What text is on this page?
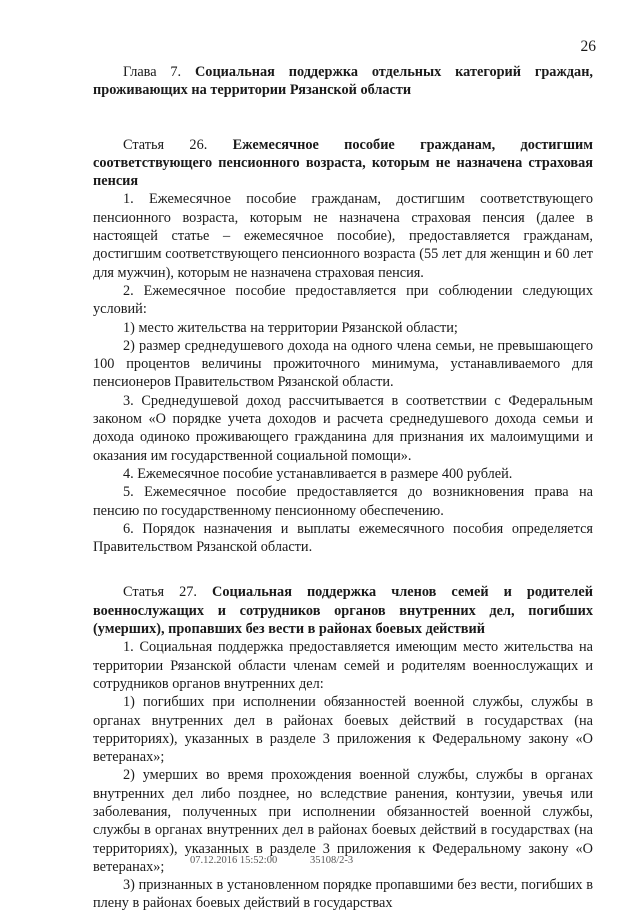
26

Глава 7. Социальная поддержка отдельных категорий граждан, проживающих на территории Рязанской области

Статья 26. Ежемесячное пособие гражданам, достигшим соответствующего пенсионного возраста, которым не назначена страховая пенсия

1. Ежемесячное пособие гражданам, достигшим соответствующего пенсионного возраста, которым не назначена страховая пенсия (далее в настоящей статье – ежемесячное пособие), предоставляется гражданам, достигшим соответствующего пенсионного возраста (55 лет для женщин и 60 лет для мужчин), которым не назначена страховая пенсия.

2. Ежемесячное пособие предоставляется при соблюдении следующих условий:

1) место жительства на территории Рязанской области;

2) размер среднедушевого дохода на одного члена семьи, не превышающего 100 процентов величины прожиточного минимума, устанавливаемого для пенсионеров Правительством Рязанской области.

3. Среднедушевой доход рассчитывается в соответствии с Федеральным законом «О порядке учета доходов и расчета среднедушевого дохода семьи и дохода одиноко проживающего гражданина для признания их малоимущими и оказания им государственной социальной помощи».

4. Ежемесячное пособие устанавливается в размере 400 рублей.

5. Ежемесячное пособие предоставляется до возникновения права на пенсию по государственному пенсионному обеспечению.

6. Порядок назначения и выплаты ежемесячного пособия определяется Правительством Рязанской области.

Статья 27. Социальная поддержка членов семей и родителей военнослужащих и сотрудников органов внутренних дел, погибших (умерших), пропавших без вести в районах боевых действий

1. Социальная поддержка предоставляется имеющим место жительства на территории Рязанской области членам семей и родителям военнослужащих и сотрудников органов внутренних дел:

1) погибших при исполнении обязанностей военной службы, службы в органах внутренних дел в районах боевых действий в государствах (на территориях), указанных в разделе 3 приложения к Федеральному закону «О ветеранах»;

2) умерших во время прохождения военной службы, службы в органах внутренних дел либо позднее, но вследствие ранения, контузии, увечья или заболевания, полученных при исполнении обязанностей военной службы, службы в органах внутренних дел в районах боевых действий в государствах (на территориях), указанных в разделе 3 приложения к Федеральному закону «О ветеранах»;

3) признанных в установленном порядке пропавшими без вести, погибших в плену в районах боевых действий в государствах

07.12.2016 15:52:00	35108/2-3
